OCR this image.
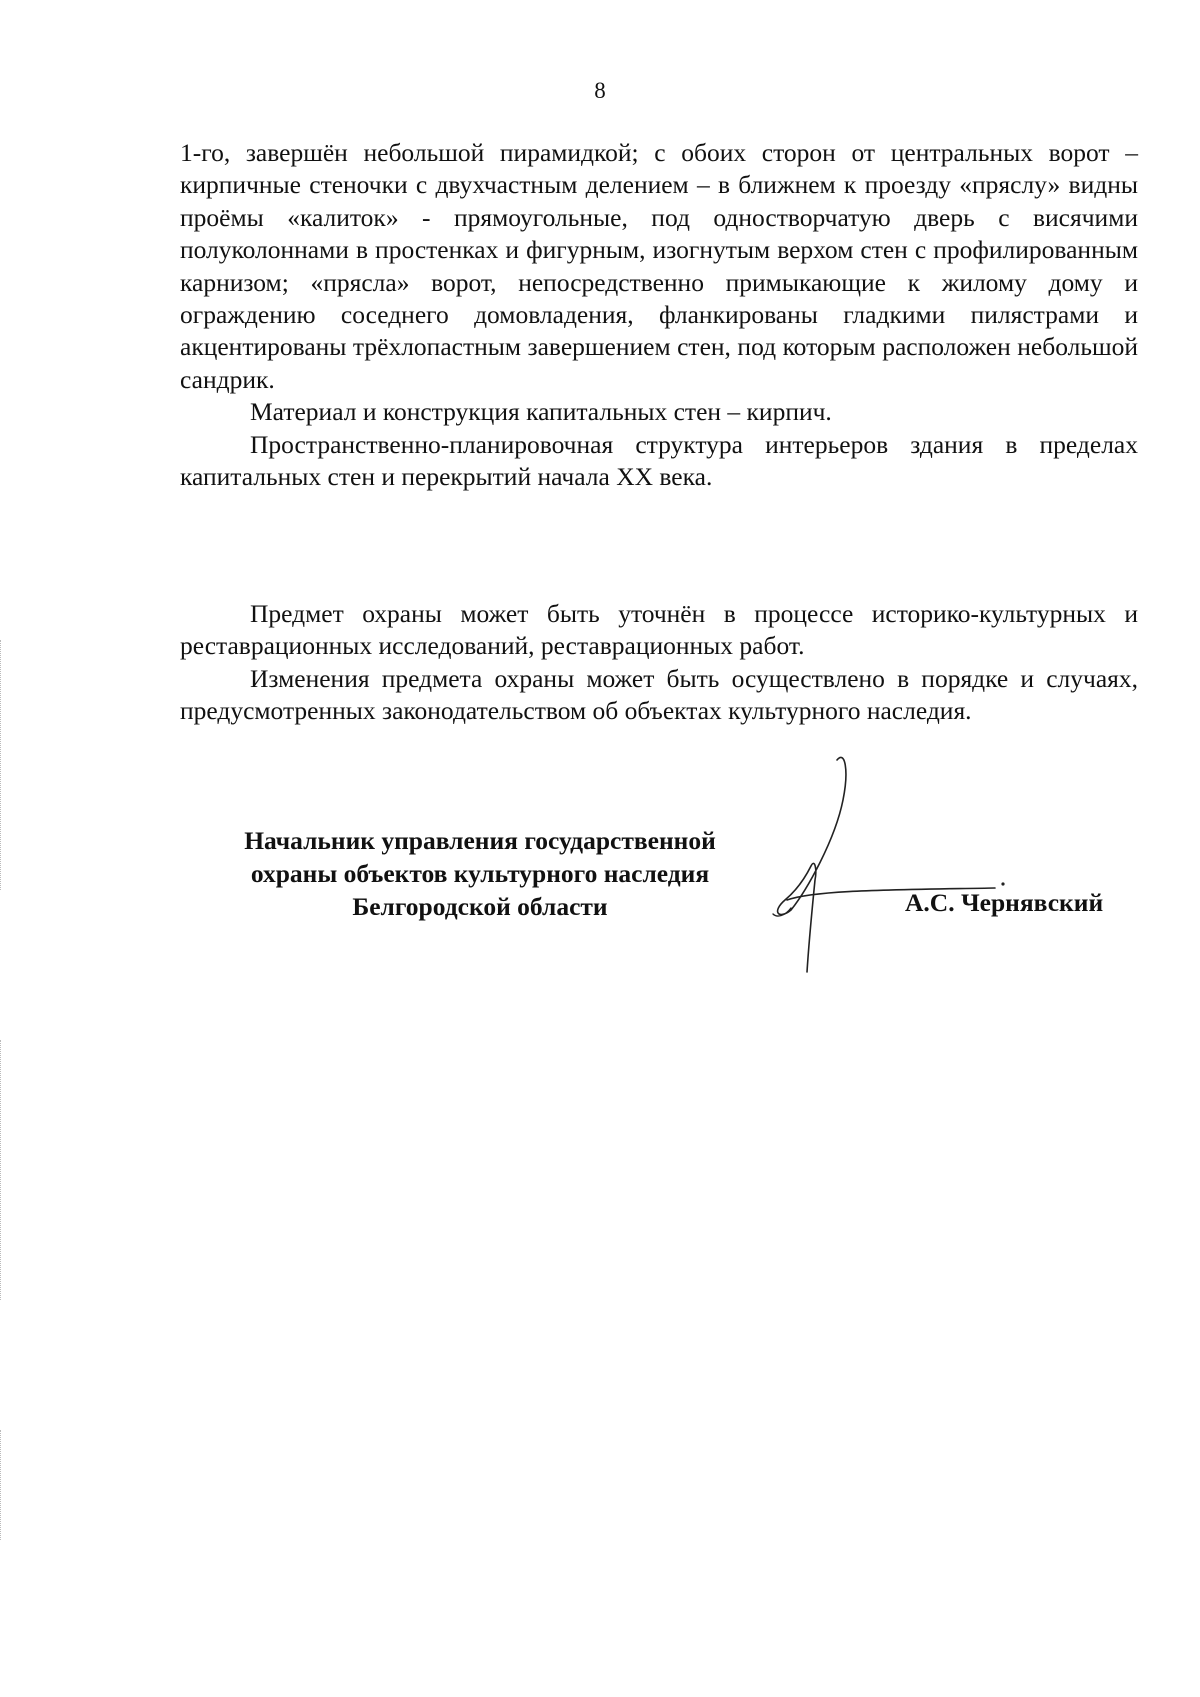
8

1-го, завершён небольшой пирамидкой; с обоих сторон от центральных ворот – кирпичные стеночки с двухчастным делением – в ближнем к проезду «пряслу» видны проёмы «калиток» - прямоугольные, под одностворчатую дверь с висячими полуколоннами в простенках и фигурным, изогнутым верхом стен с профилированным карнизом; «прясла» ворот, непосредственно примыкающие к жилому дому и ограждению соседнего домовладения, фланкированы гладкими пилястрами и акцентированы трёхлопастным завершением стен, под которым расположен небольшой сандрик.

Материал и конструкция капитальных стен – кирпич.

Пространственно-планировочная структура интерьеров здания в пределах капитальных стен и перекрытий начала XX века.

Предмет охраны может быть уточнён в процессе историко-культурных и реставрационных исследований, реставрационных работ.

Изменения предмета охраны может быть осуществлено в порядке и случаях, предусмотренных законодательством об объектах культурного наследия.

Начальник управления государственной
охраны объектов культурного наследия
Белгородской области	А.С. Чернявский
